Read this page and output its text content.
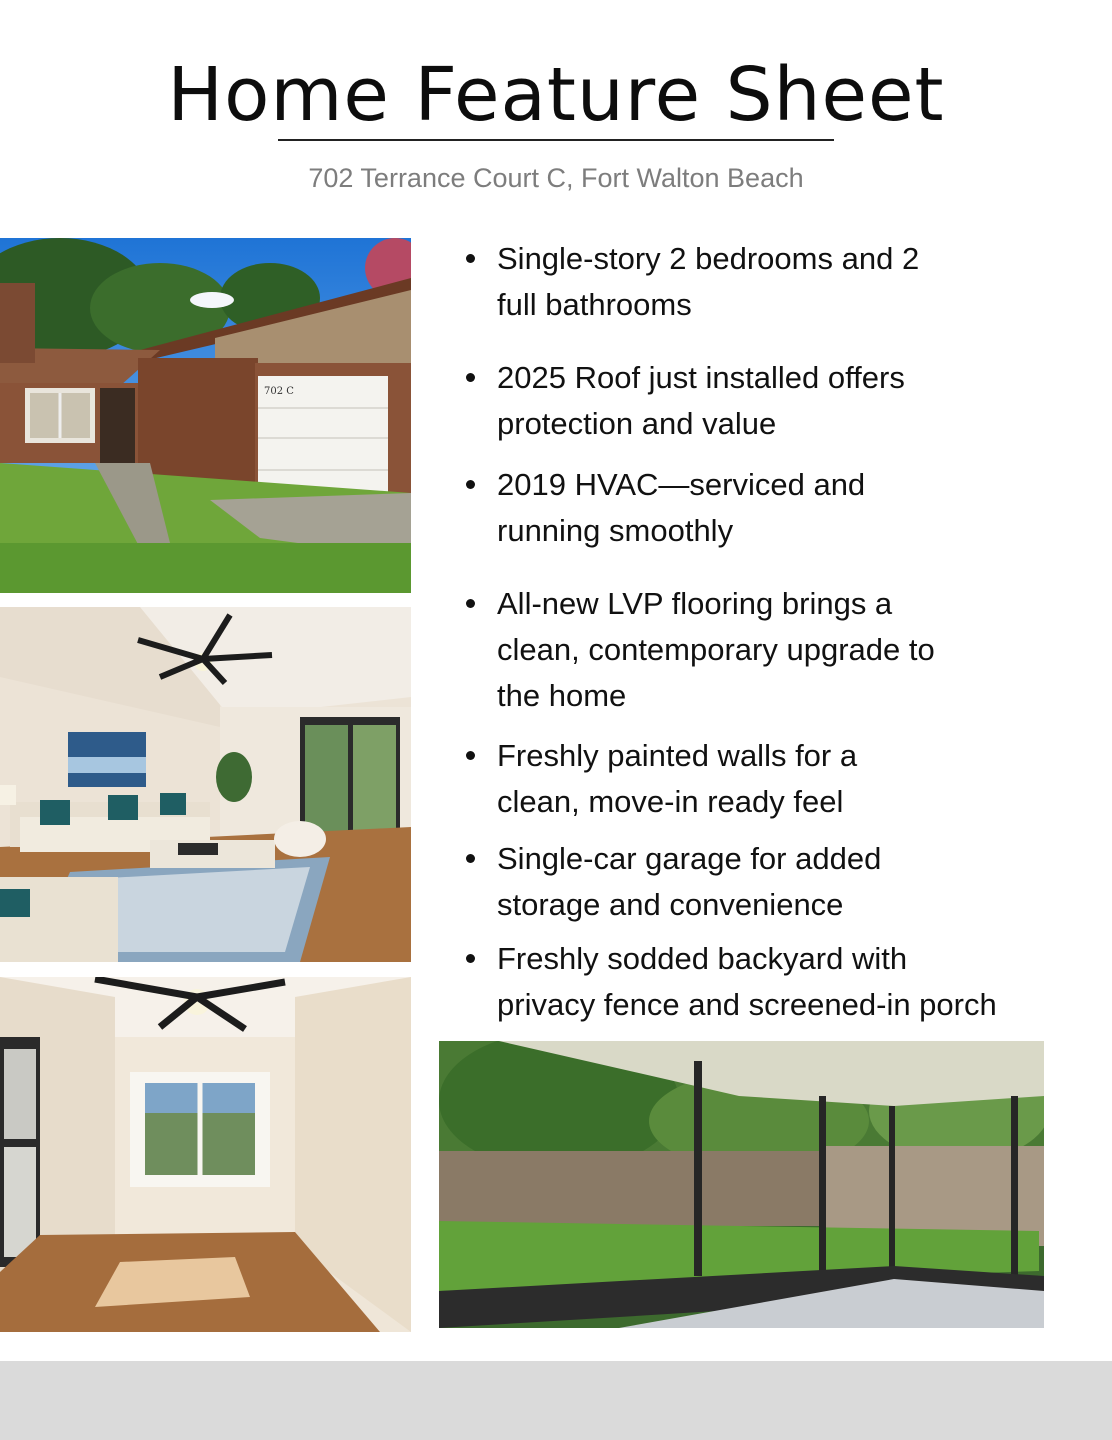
Home Feature Sheet
702 Terrance Court C, Fort Walton Beach
702 C
Single-story 2 bedrooms and 2
full bathrooms
2025 Roof just installed offers
protection and value
2019 HVAC—serviced and
running smoothly
All-new LVP flooring brings a
clean, contemporary upgrade to
the home
Freshly painted walls for a
clean, move-in ready feel
Single-car garage for added
storage and convenience
Freshly sodded backyard with
privacy fence and screened-in porch
